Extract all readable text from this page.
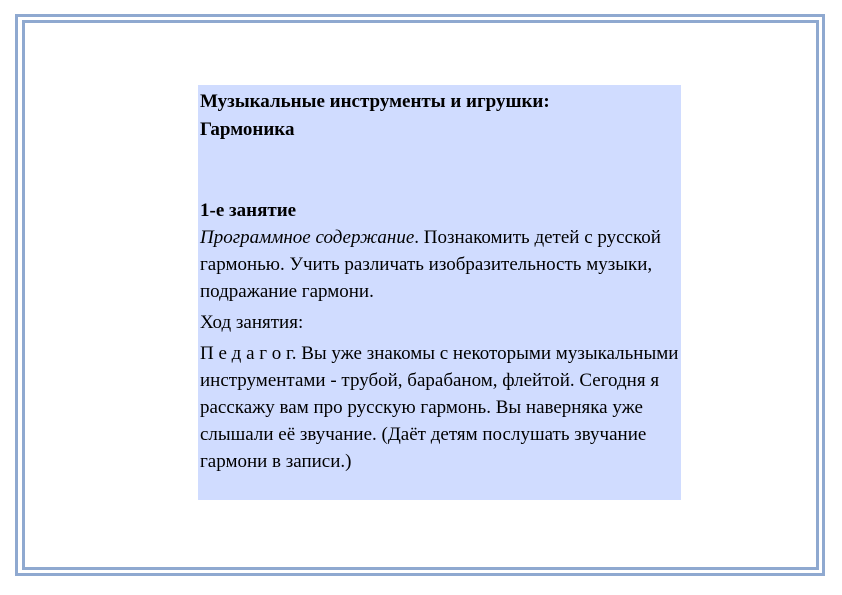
Музыкальные инструменты и игрушки:
Гармоника

1-е занятие

Программное содержание. Познакомить детей с русской гармонью. Учить различать изобразительность музыки, подражание гармони.

Ход занятия:

П е д а г о г. Вы уже знакомы с некоторыми музыкальными инструментами - трубой, барабаном, флейтой. Сегодня я расскажу вам про русскую гармонь. Вы наверняка уже слышали её звучание. (Даёт детям послушать звучание гармони в записи.)
